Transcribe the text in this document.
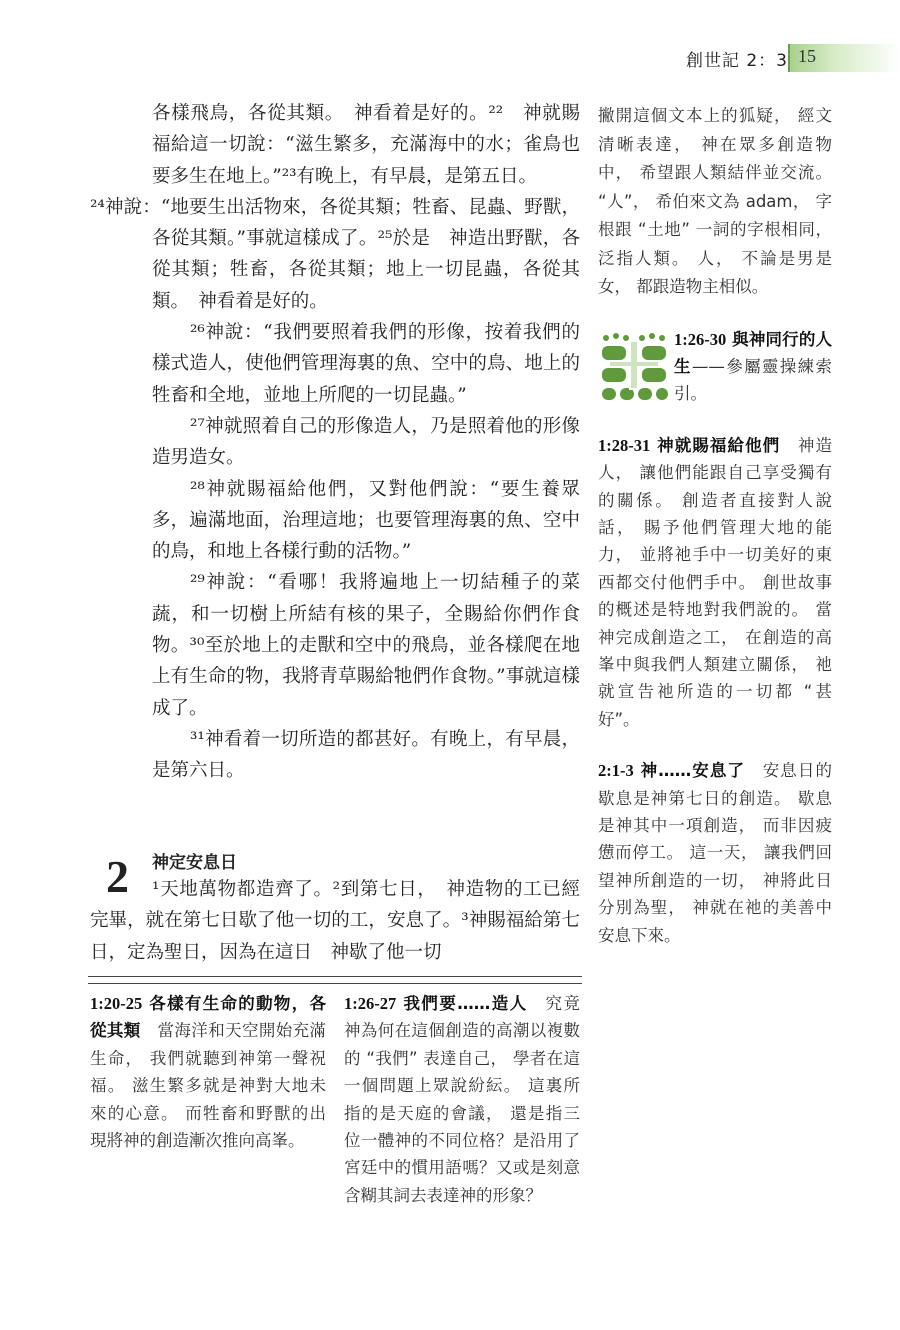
創世記 2：3 15

各樣飛鳥，各從其類。　神看着是好的。²²　神就賜福給這一切說：“滋生繁多，充滿海中的水；雀鳥也要多生在地上。”²³有晚上，有早晨，是第五日。

²⁴神說：“地要生出活物來，各從其類；牲畜、昆蟲、野獸，各從其類。”事就這樣成了。²⁵於是　神造出野獸，各從其類；牲畜，各從其類；地上一切昆蟲，各從其類。　神看着是好的。

²⁶神說：“我們要照着我們的形像，按着我們的樣式造人，使他們管理海裏的魚、空中的鳥、地上的牲畜和全地，並地上所爬的一切昆蟲。”

²⁷神就照着自己的形像造人，乃是照着他的形像造男造女。

²⁸神就賜福給他們，又對他們說：“要生養眾多，遍滿地面，治理這地；也要管理海裏的魚、空中的鳥，和地上各樣行動的活物。”

²⁹神說：“看哪！我將遍地上一切結種子的菜蔬，和一切樹上所結有核的果子，全賜給你們作食物。³⁰至於地上的走獸和空中的飛鳥，並各樣爬在地上有生命的物，我將青草賜給牠們作食物。”事就這樣成了。

³¹神看着一切所造的都甚好。有晚上，有早晨，是第六日。

2 神定安息日

¹天地萬物都造齊了。²到第七日，　神造物的工已經完畢，就在第七日歇了他一切的工，安息了。³神賜福給第七日，定為聖日，因為在這日　神歇了他一切

1:20-25 各樣有生命的動物，各從其類　當海洋和天空開始充滿生命， 我們就聽到神第一聲祝福。 滋生繁多就是神對大地未來的心意。 而牲畜和野獸的出現將神的創造漸次推向高峯。
1:26-27 我們要……造人　究竟神為何在這個創造的高潮以複數的 “我們” 表達自己， 學者在這一個問題上眾說紛紜。 這裏所指的是天庭的會議， 還是指三位一體神的不同位格？是沿用了宮廷中的慣用語嗎？又或是刻意含糊其詞去表達神的形象？
撇開這個文本上的狐疑， 經文清晰表達， 神在眾多創造物中， 希望跟人類結伴並交流。 “人”， 希伯來文為 adam， 字根跟 “土地” 一詞的字根相同， 泛指人類。 人， 不論是男是女， 都跟造物主相似。
1:26-30 與神同行的人生——參屬靈操練索引。
1:28-31 神就賜福給他們　神造人， 讓他們能跟自己享受獨有的關係。 創造者直接對人說話， 賜予他們管理大地的能力， 並將祂手中一切美好的東西都交付他們手中。 創世故事的概述是特地對我們說的。 當神完成創造之工， 在創造的高峯中與我們人類建立關係， 祂就宣告祂所造的一切都 “甚好”。
2:1-3 神……安息了　安息日的歇息是神第七日的創造。 歇息是神其中一項創造， 而非因疲憊而停工。 這一天， 讓我們回望神所創造的一切， 神將此日分別為聖， 神就在祂的美善中安息下來。
